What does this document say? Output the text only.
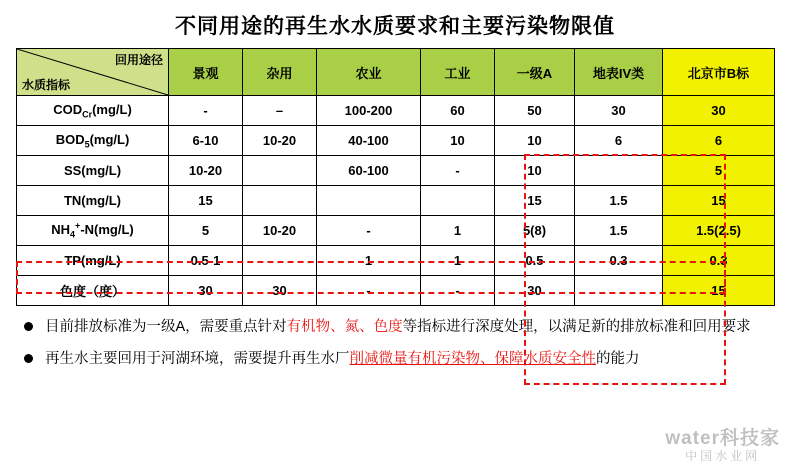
不同用途的再生水水质要求和主要污染物限值
回用途径
水质指标	景观	杂用	农业	工业	一级A	地表IV类	北京市B标
$COD_{Cr}(mg/L)$	-	–	100-200	60	50	30	30
$BOD_5(mg/L)$	6-10	10-20	40-100	10	10	6	6
SS(mg/L)	10-20		60-100	-	10		5
TN(mg/L)	15				15	1.5	15
$NH_4^+-N(mg/L)$	5	10-20	-	1	5(8)	1.5	1.5(2.5)
TP(mg/L)	0.5-1		1	1	0.5	0.3	0.3
色度（度）	30	30	-	-	30		15
目前排放标准为一级A，需要重点针对有机物、氮、色度等指标进行深度处理，以满足新的排放标准和回用要求
再生水主要回用于河湖环境，需要提升再生水厂削减微量有机污染物、保障水质安全性的能力
water科技家
中国水业网
